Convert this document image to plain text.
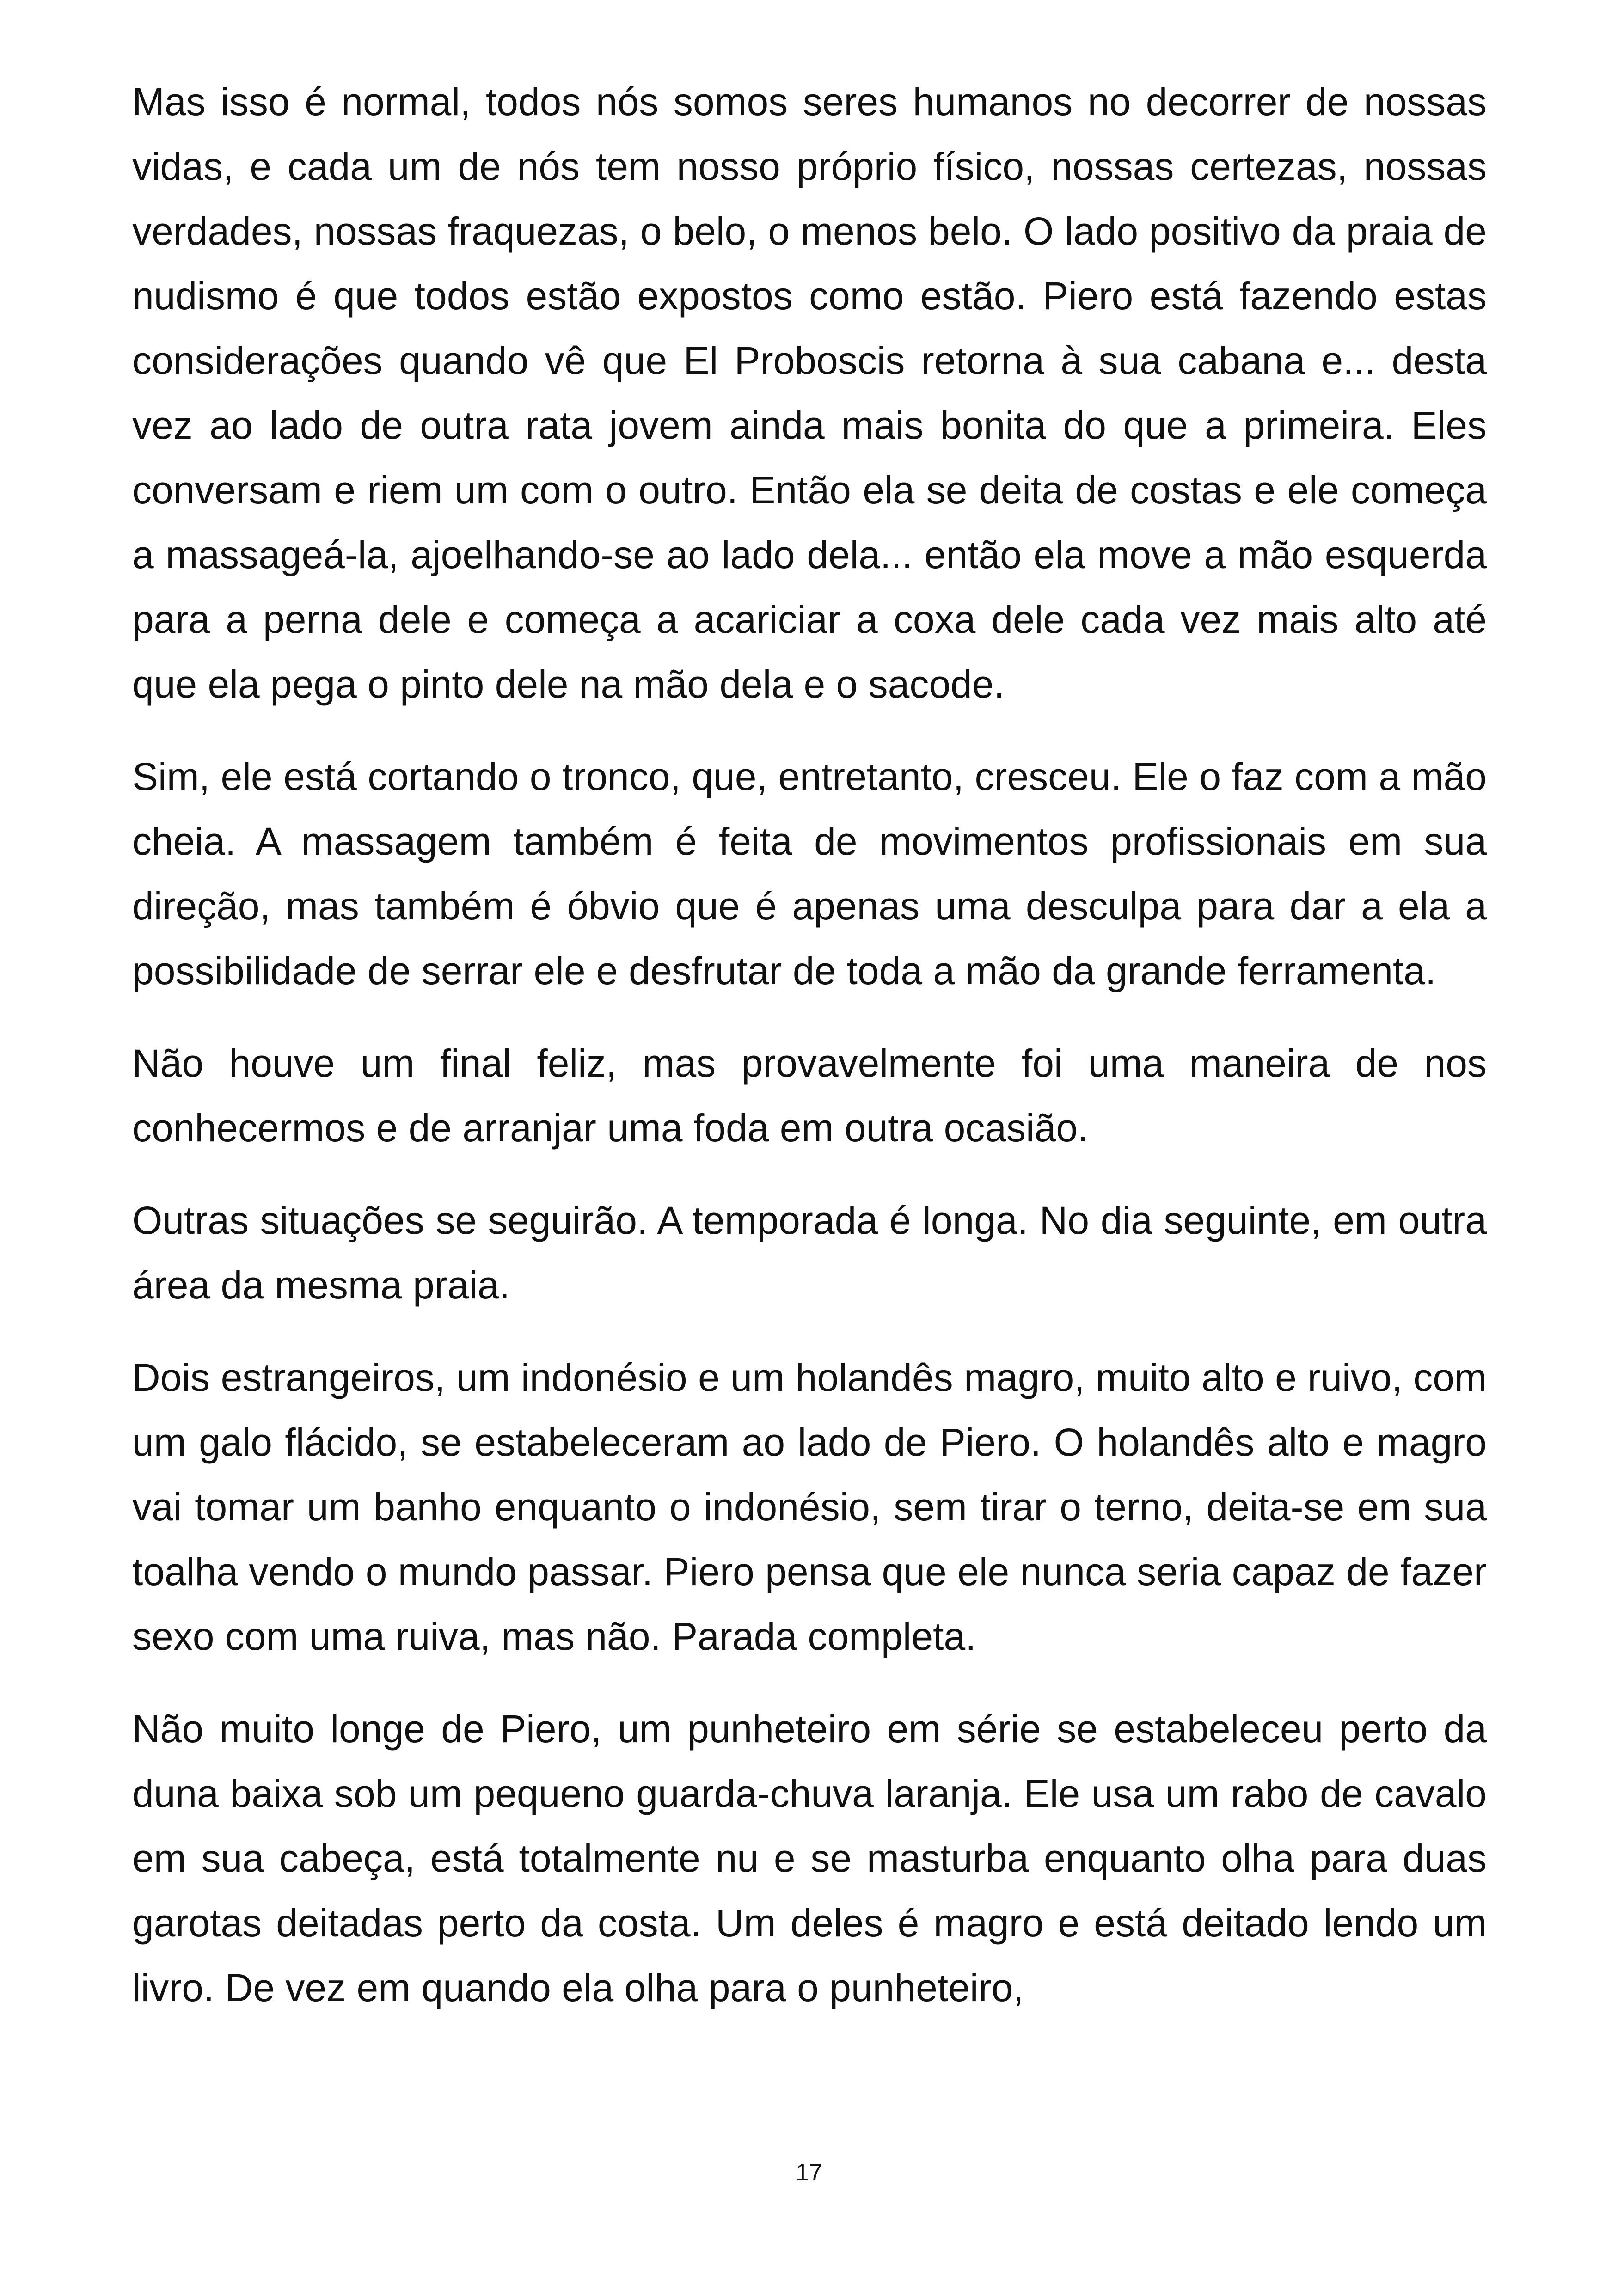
Mas isso é normal, todos nós somos seres humanos no decorrer de nossas vidas, e cada um de nós tem nosso próprio físico, nossas certezas, nossas verdades, nossas fraquezas, o belo, o menos belo. O lado positivo da praia de nudismo é que todos estão expostos como estão. Piero está fazendo estas considerações quando vê que El Proboscis retorna à sua cabana e... desta vez ao lado de outra rata jovem ainda mais bonita do que a primeira. Eles conversam e riem um com o outro. Então ela se deita de costas e ele começa a massageá-la, ajoelhando-se ao lado dela... então ela move a mão esquerda para a perna dele e começa a acariciar a coxa dele cada vez mais alto até que ela pega o pinto dele na mão dela e o sacode.

Sim, ele está cortando o tronco, que, entretanto, cresceu. Ele o faz com a mão cheia. A massagem também é feita de movimentos profissionais em sua direção, mas também é óbvio que é apenas uma desculpa para dar a ela a possibilidade de serrar ele e desfrutar de toda a mão da grande ferramenta.

Não houve um final feliz, mas provavelmente foi uma maneira de nos conhecermos e de arranjar uma foda em outra ocasião.

Outras situações se seguirão. A temporada é longa. No dia seguinte, em outra área da mesma praia.

Dois estrangeiros, um indonésio e um holandês magro, muito alto e ruivo, com um galo flácido, se estabeleceram ao lado de Piero. O holandês alto e magro vai tomar um banho enquanto o indonésio, sem tirar o terno, deita-se em sua toalha vendo o mundo passar. Piero pensa que ele nunca seria capaz de fazer sexo com uma ruiva, mas não. Parada completa.

Não muito longe de Piero, um punheteiro em série se estabeleceu perto da duna baixa sob um pequeno guarda-chuva laranja. Ele usa um rabo de cavalo em sua cabeça, está totalmente nu e se masturba enquanto olha para duas garotas deitadas perto da costa. Um deles é magro e está deitado lendo um livro. De vez em quando ela olha para o punheteiro,

17
